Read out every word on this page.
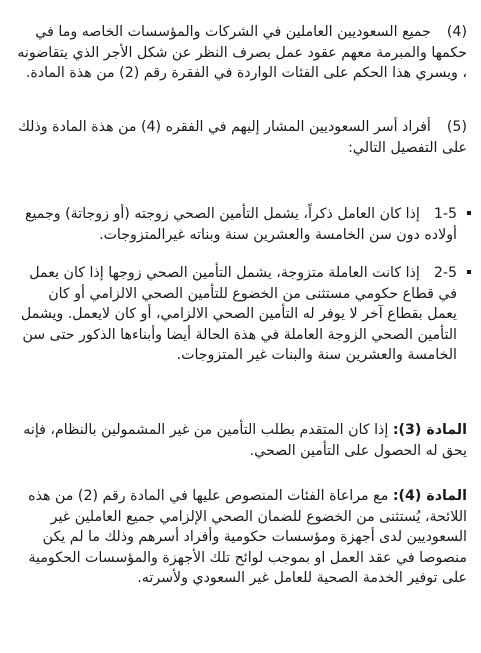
(4)جميع السعوديين العاملين في الشركات والمؤسسات الخاصه وما في حكمها والمبرمة معهم عقود عمل بصرف النظر عن شكل الأجر الذي يتقاضونه ، ويسري هذا الحكم على الفئات الواردة في الفقرة رقم (2) من هذة المادة.

(5)أفراد أسر السعوديين المشار إليهم في الفقره (4) من هذة المادة وذلك على التفصيل التالي:

1-5إذا كان العامل ذكراً، يشمل التأمين الصحي زوجته (أو زوجاتة) وجميع أولاده دون سن الخامسة والعشرين سنة وبناته غيرالمتزوجات.
2-5إذا كانت العاملة متزوجة، يشمل التأمين الصحي زوجها إذا كان يعمل في قطاع حكومي مستثنى من الخضوع للتأمين الصحي الالزامي أو كان يعمل بقطاع آخر لا يوفر له التأمين الصحي الالزامي، أو كان لايعمل. ويشمل التأمين الصحي الزوجة العاملة في هذة الحالة أيضا وأبناءها الذكور حتى سن الخامسة والعشرين سنة والبنات غير المتزوجات.

المادة (3): إذا كان المتقدم بطلب التأمين من غير المشمولين بالنظام، فإنه يحق له الحصول على التأمين الصحي.

المادة (4): مع مراعاة الفئات المنصوص عليها في المادة رقم (2) من هذه اللائحة، يُستثنى من الخضوع للضمان الصحي الإلزامي جميع العاملين غير السعوديين لدى أجهزة ومؤسسات حكومية وأفراد أسرهم وذلك ما لم يكن منصوصا في عقد العمل او بموجب لوائح تلك الأجهزة والمؤسسات الحكومية على توفير الخدمة الصحية للعامل غير السعودي ولأسرته.
